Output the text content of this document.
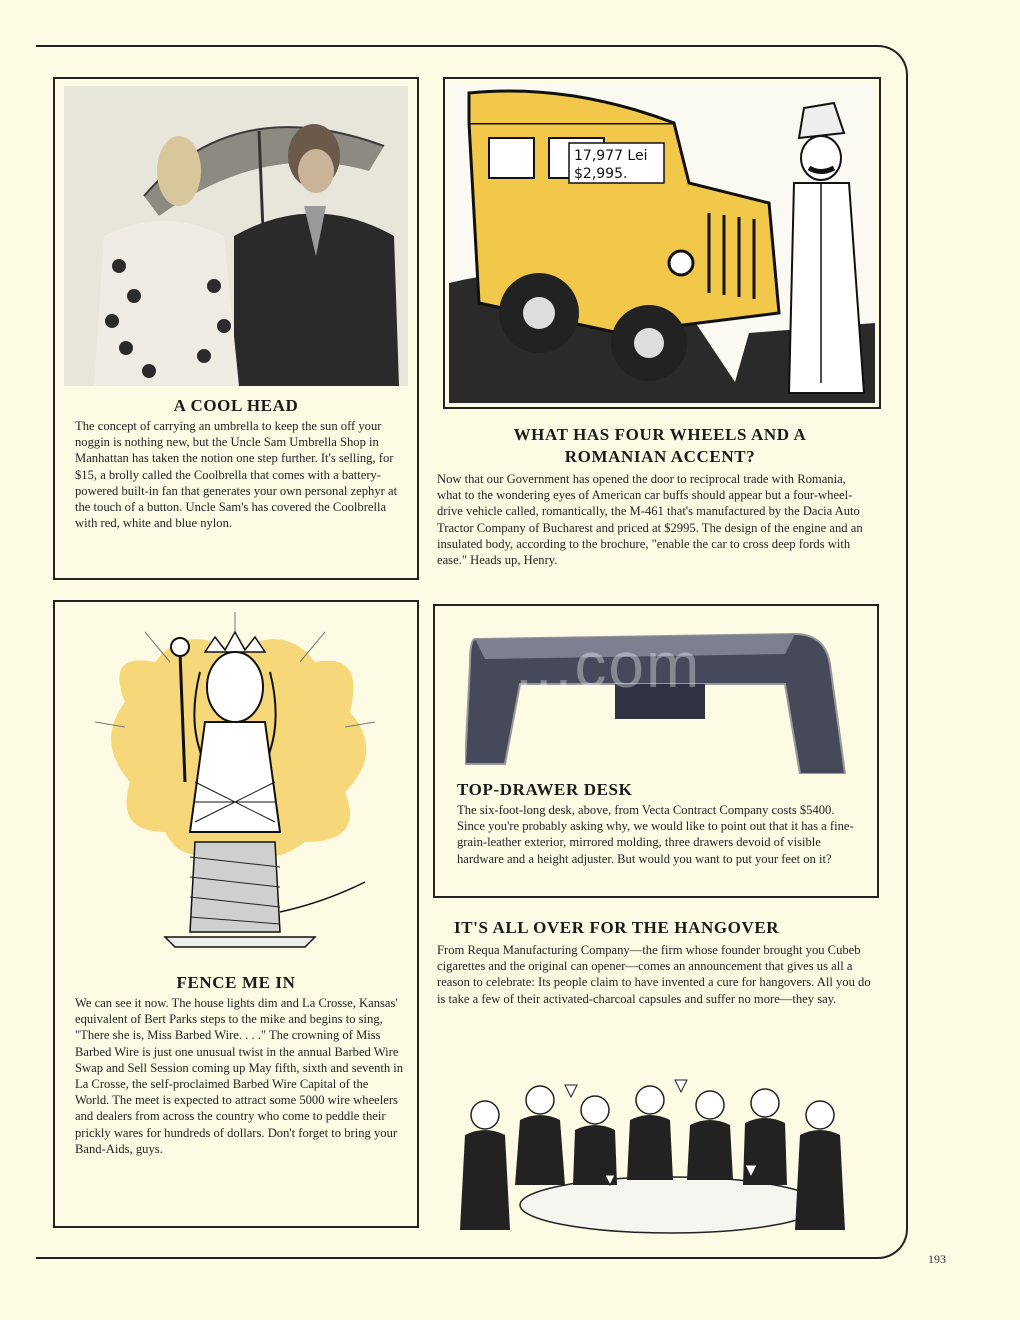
A COOL HEAD
The concept of carrying an umbrella to keep the sun off your noggin is nothing new, but the Uncle Sam Umbrella Shop in Manhattan has taken the notion one step further. It's selling, for $15, a brolly called the Coolbrella that comes with a battery-powered built-in fan that generates your own personal zephyr at the touch of a button. Uncle Sam's has covered the Coolbrella with red, white and blue nylon.
17,977 Lei
$2,995.
WHAT HAS FOUR WHEELS AND A ROMANIAN ACCENT?
Now that our Government has opened the door to reciprocal trade with Romania, what to the wondering eyes of American car buffs should appear but a four-wheel-drive vehicle called, romantically, the M-461 that's manufactured by the Dacia Auto Tractor Company of Bucharest and priced at $2995. The design of the engine and an insulated body, according to the brochure, "enable the car to cross deep fords with ease." Heads up, Henry.
FENCE ME IN
We can see it now. The house lights dim and La Crosse, Kansas' equivalent of Bert Parks steps to the mike and begins to sing, "There she is, Miss Barbed Wire. . . ." The crowning of Miss Barbed Wire is just one unusual twist in the annual Barbed Wire Swap and Sell Session coming up May fifth, sixth and seventh in La Crosse, the self-proclaimed Barbed Wire Capital of the World. The meet is expected to attract some 5000 wire wheelers and dealers from across the country who come to peddle their prickly wares for hundreds of dollars. Don't forget to bring your Band-Aids, guys.
TOP-DRAWER DESK
The six-foot-long desk, above, from Vecta Contract Company costs $5400. Since you're probably asking why, we would like to point out that it has a fine-grain-leather exterior, mirrored molding, three drawers devoid of visible hardware and a height adjuster. But would you want to put your feet on it?
...com
IT'S ALL OVER FOR THE HANGOVER
From Requa Manufacturing Company—the firm whose founder brought you Cubeb cigarettes and the original can opener—comes an announcement that gives us all a reason to celebrate: Its people claim to have invented a cure for hangovers. All you do is take a few of their activated-charcoal capsules and suffer no more—they say.
193
